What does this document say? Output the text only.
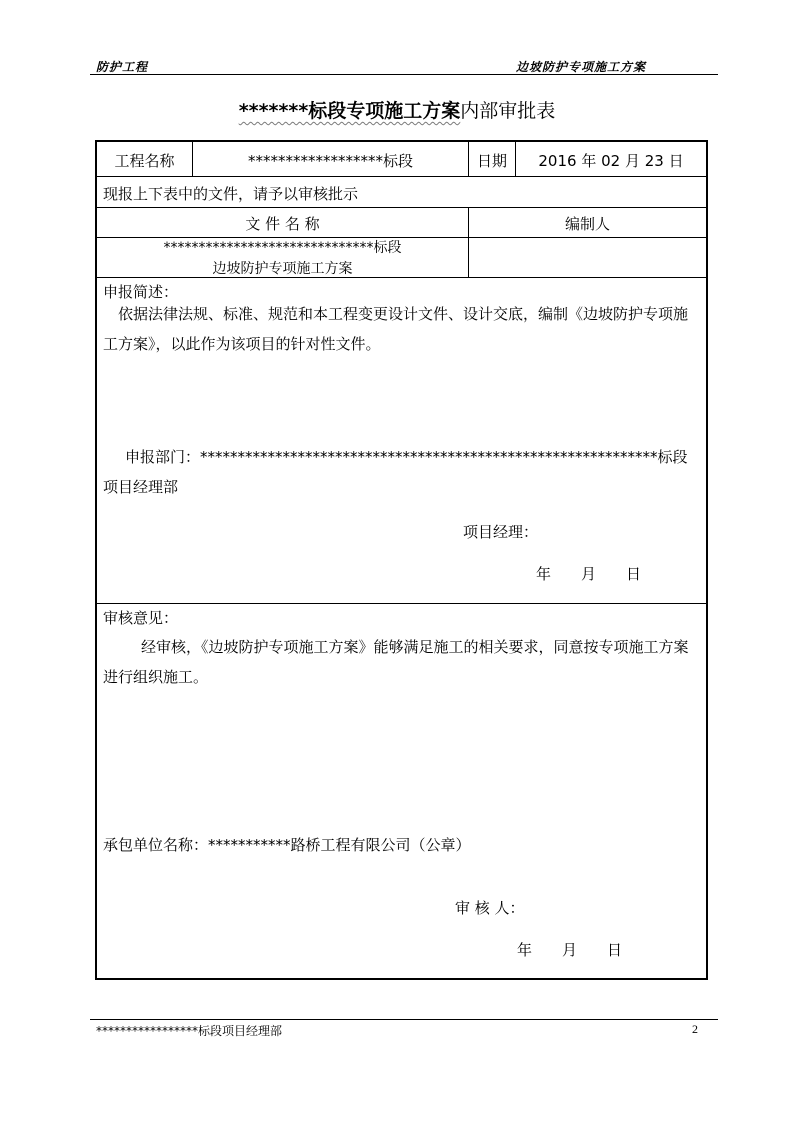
防护工程	边坡防护专项施工方案
*******标段专项施工方案内部审批表
工程名称	******************标段	日期	2016 年 02 月 23 日
现报上下表中的文件，请予以审核批示
文 件 名 称	编制人
******************************标段
边坡防护专项施工方案
申报简述：
依据法律法规、标准、规范和本工程变更设计文件、设计交底，编制《边坡防护专项施工方案》，以此作为该项目的针对性文件。
申报部门：*************************************************************标段项目经理部
项目经理：
年　　月　　日
审核意见：
经审核，《边坡防护专项施工方案》能够满足施工的相关要求，同意按专项施工方案进行组织施工。
承包单位名称：***********路桥工程有限公司（公章）
审 核 人：
年　　月　　日
*****************标段项目经理部	2
